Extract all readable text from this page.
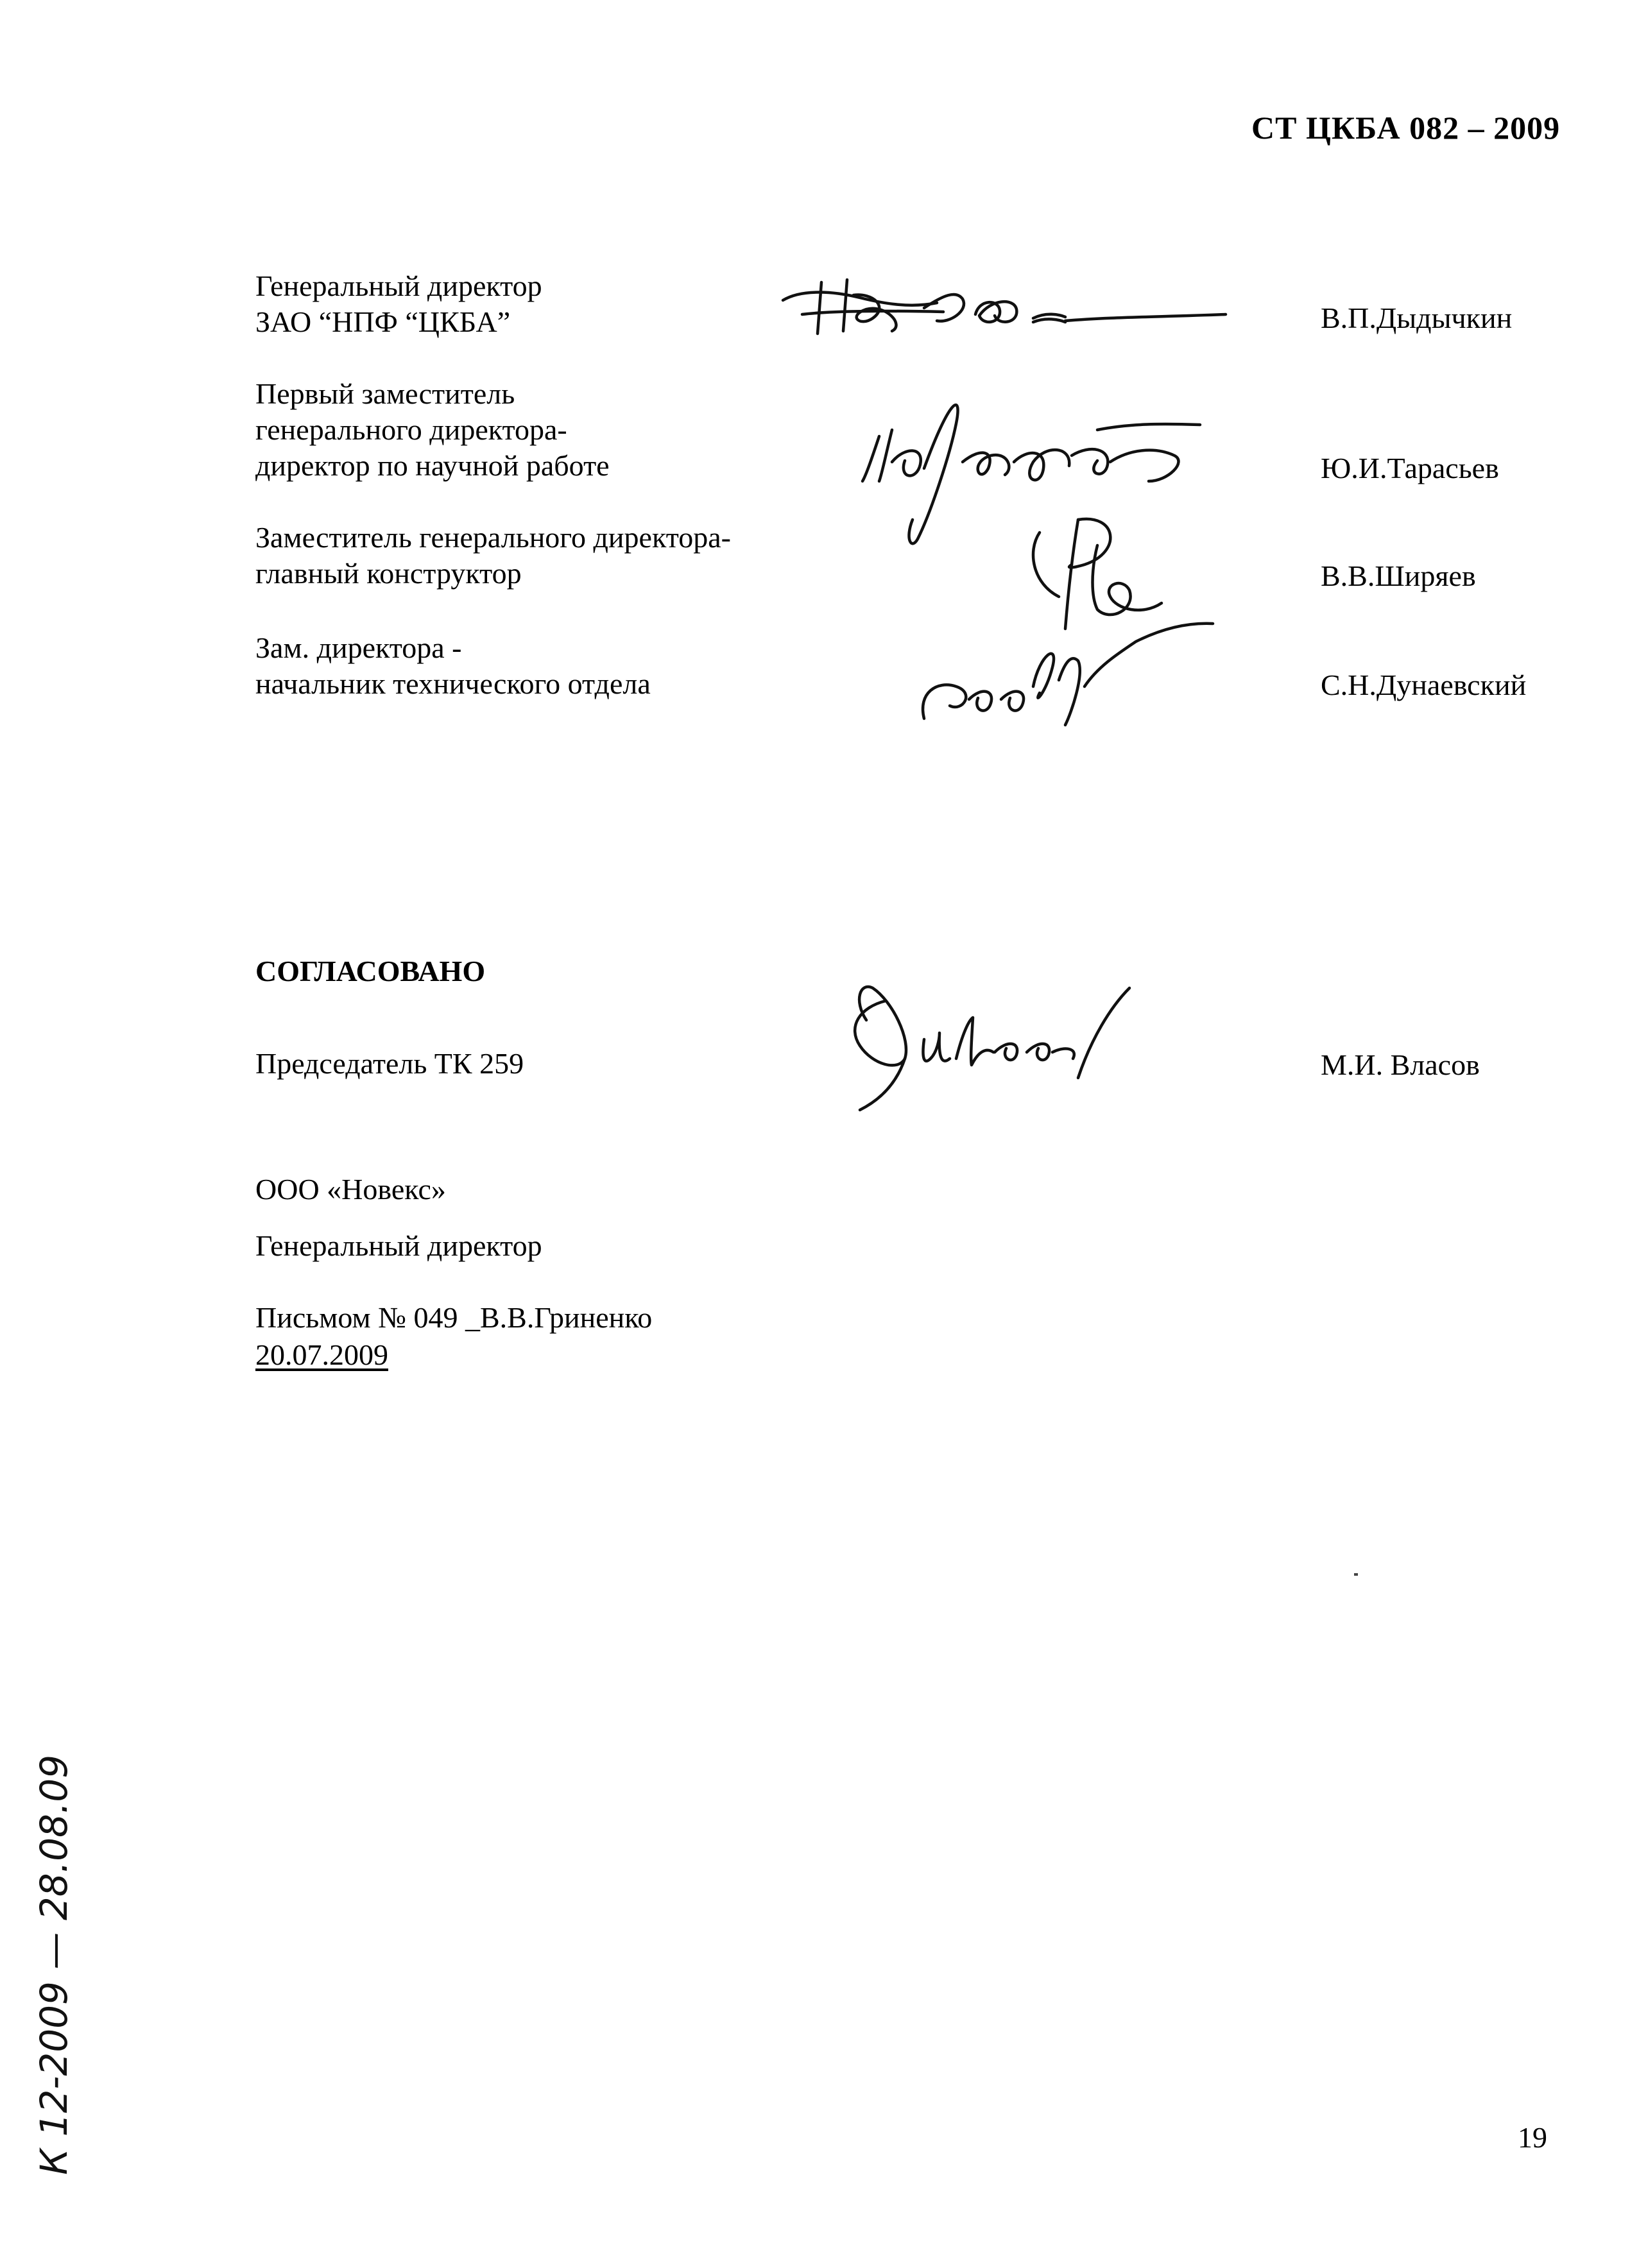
СТ ЦКБА 082 – 2009
Генеральный директор
ЗАО “НПФ “ЦКБА”	В.П.Дыдычкин
Первый заместитель
генерального директора-
директор по научной работе	Ю.И.Тарасьев
Заместитель генерального директора-
главный конструктор	В.В.Ширяев
Зам. директора -
начальник технического отдела	С.Н.Дунаевский
СОГЛАСОВАНО
Председатель ТК 259	М.И. Власов
ООО «Новекс»
Генеральный директор
Письмом № 049 _В.В.Гриненко
20.07.2009
К 12-2009 — 28.08.09	19
